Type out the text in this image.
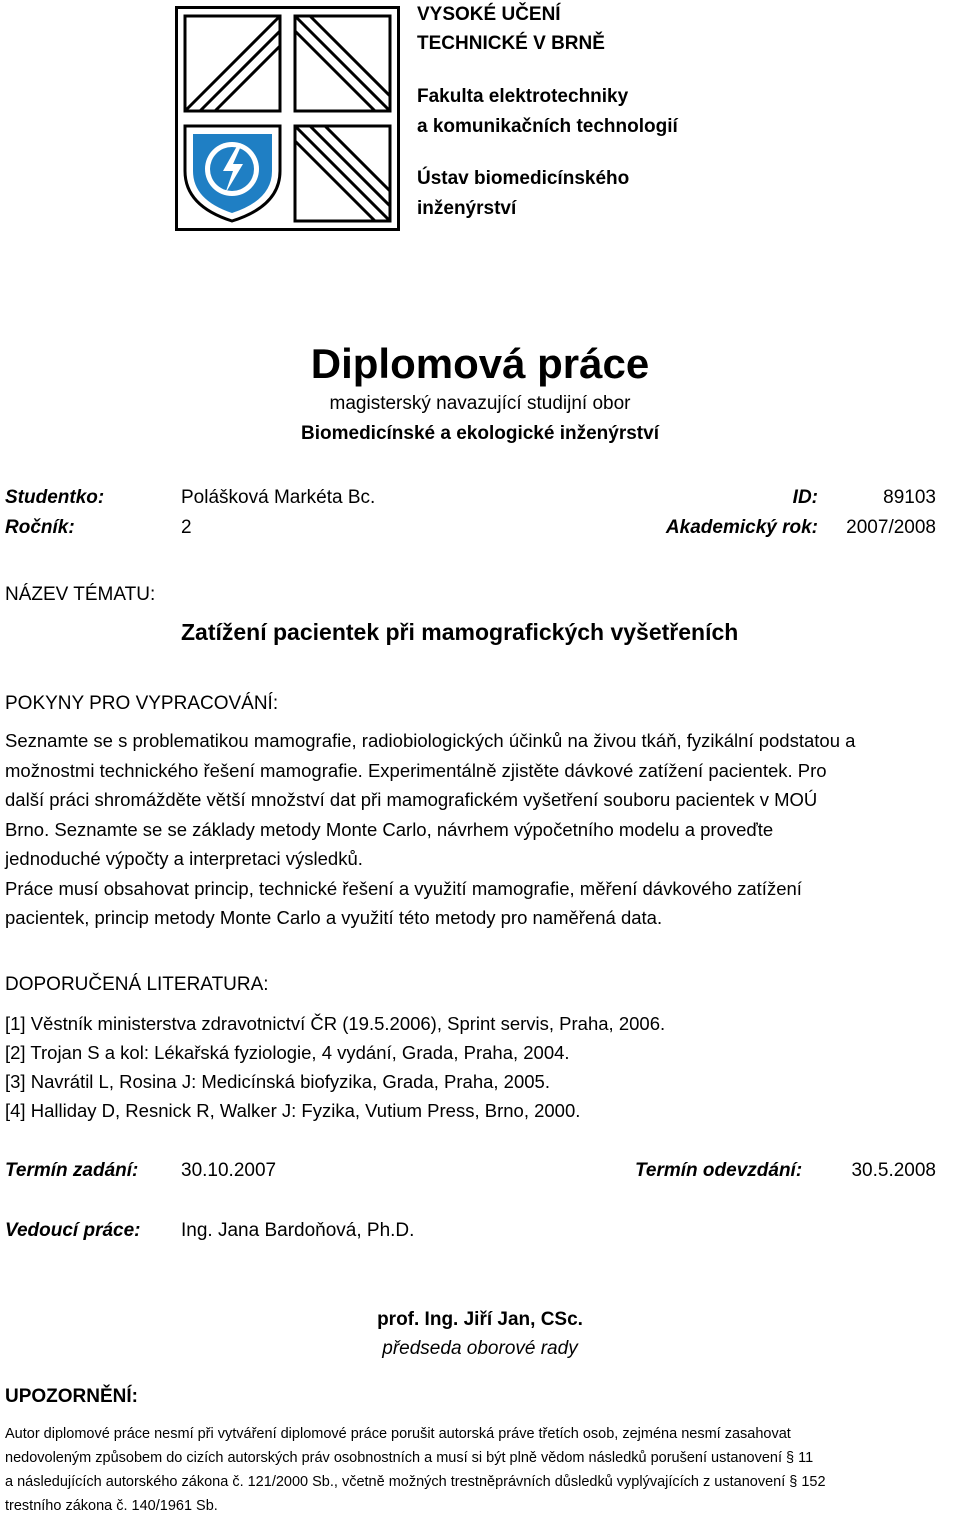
VYSOKÉ UČENÍ
TECHNICKÉ V BRNĚ
Fakulta elektrotechniky
a komunikačních technologií
Ústav biomedicínského
inženýrství
Diplomová práce
magisterský navazující studijní obor
Biomedicínské a ekologické inženýrství
Studentko:	Polášková Markéta Bc.	ID:	89103
Ročník:	2	Akademický rok: 2007/2008
NÁZEV TÉMATU:
Zatížení pacientek při mamografických vyšetřeních
POKYNY PRO VYPRACOVÁNÍ:
Seznamte se s problematikou mamografie, radiobiologických účinků na živou tkáň, fyzikální podstatou a
možnostmi technického řešení mamografie. Experimentálně zjistěte dávkové zatížení pacientek. Pro
další práci shromážděte větší množství dat při mamografickém vyšetření souboru pacientek v MOÚ
Brno. Seznamte se se základy metody Monte Carlo, návrhem výpočetního modelu a proveďte
jednoduché výpočty a interpretaci výsledků.
Práce musí obsahovat princip, technické řešení a využití mamografie, měření dávkového zatížení
pacientek, princip metody Monte Carlo a využití této metody pro naměřená data.
DOPORUČENÁ LITERATURA:
[1] Věstník ministerstva zdravotnictví ČR (19.5.2006), Sprint servis, Praha, 2006.
[2] Trojan S a kol: Lékařská fyziologie, 4 vydání, Grada, Praha, 2004.
[3] Navrátil L, Rosina J: Medicínská biofyzika, Grada, Praha, 2005.
[4] Halliday D, Resnick R, Walker J: Fyzika, Vutium Press, Brno, 2000.
Termín zadání: 30.10.2007	Termín odevzdání:	30.5.2008
Vedoucí práce: Ing. Jana Bardoňová, Ph.D.
prof. Ing. Jiří Jan, CSc.
předseda oborové rady
UPOZORNĚNÍ:
Autor diplomové práce nesmí při vytváření diplomové práce porušit autorská práve třetích osob, zejména nesmí zasahovat
nedovoleným způsobem do cizích autorských práv osobnostních a musí si být plně vědom následků porušení ustanovení § 11
a následujících autorského zákona č. 121/2000 Sb., včetně možných trestněprávních důsledků vyplývajících z ustanovení § 152
trestního zákona č. 140/1961 Sb.
